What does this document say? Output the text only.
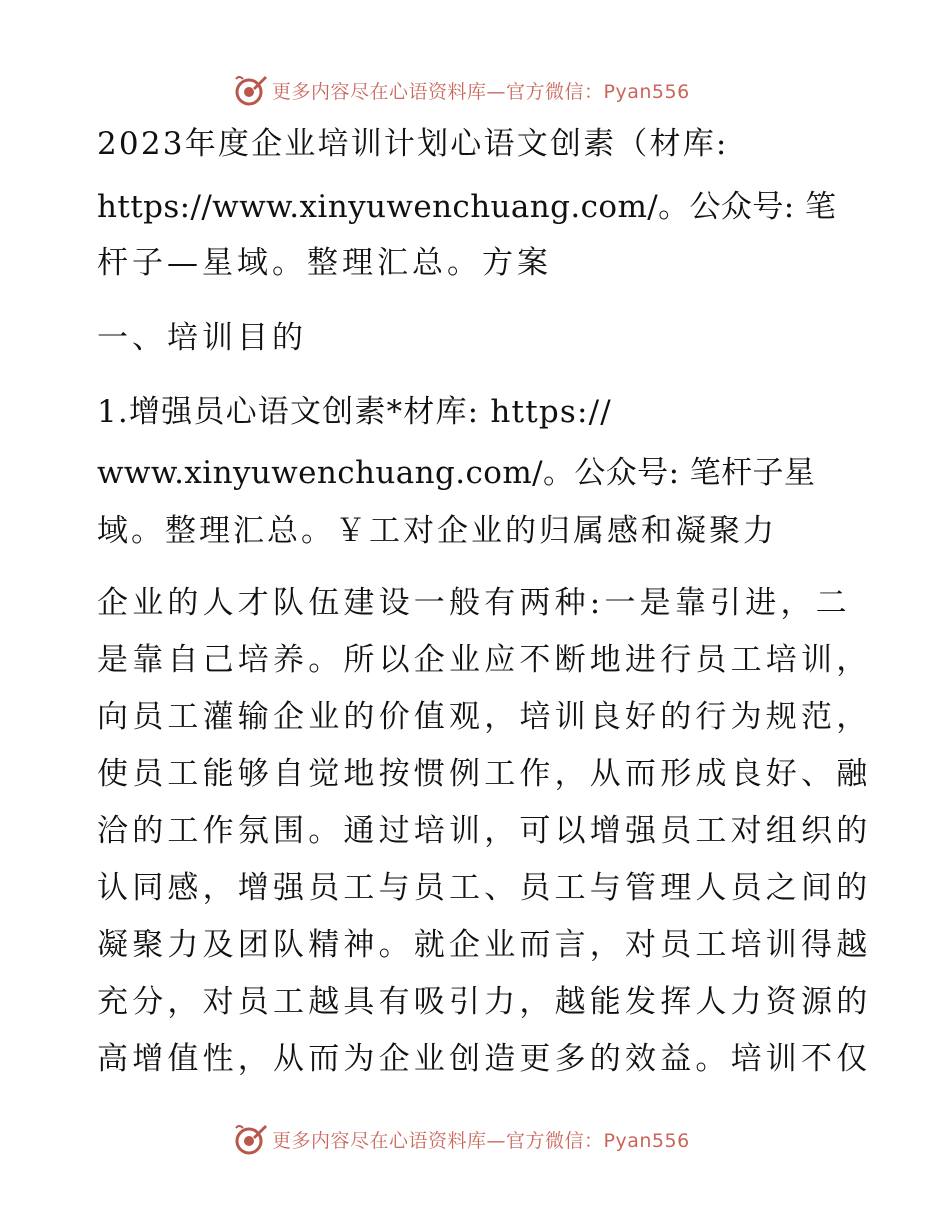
更多内容尽在心语资料库—官方微信：Pyan556
2023年度企业培训计划心语文创素（材库:
https://www.xinyuwenchuang.com/。公众号: 笔
杆子—星域。整理汇总。方案
一、培训目的
1.增强员心语文创素*材库: https://
www.xinyuwenchuang.com/。公众号: 笔杆子星
域。整理汇总。￥工对企业的归属感和凝聚力
企业的人才队伍建设一般有两种:一是靠引进，二
是靠自己培养。所以企业应不断地进行员工培训，
向员工灌输企业的价值观，培训良好的行为规范，
使员工能够自觉地按惯例工作，从而形成良好、融
洽的工作氛围。通过培训，可以增强员工对组织的
认同感，增强员工与员工、员工与管理人员之间的
凝聚力及团队精神。就企业而言，对员工培训得越
充分，对员工越具有吸引力，越能发挥人力资源的
高增值性，从而为企业创造更多的效益。培训不仅
更多内容尽在心语资料库—官方微信：Pyan556
